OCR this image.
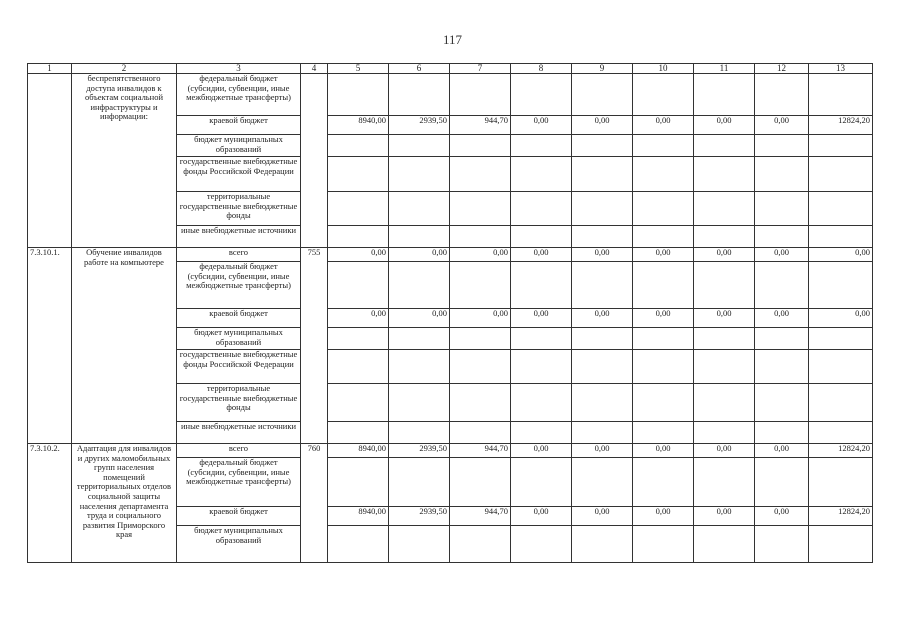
117
1	2	3	4	5	6	7	8	9	10	11	12	13
	беспрепятственного доступа инвалидов к объектам социальной инфраструктуры и информации:	федеральный бюджет (субсидии, субвенции, иные межбюджетные трансферты)										
		краевой бюджет		8940,00	2939,50	944,70	0,00	0,00	0,00	0,00	0,00	12824,20
		бюджет муниципальных образований										
		государственные внебюджетные фонды Российской Федерации										
		территориальные государственные внебюджетные фонды										
		иные внебюджетные источники										
7.3.10.1.	Обучение инвалидов работе на компьютере	всего	755	0,00	0,00	0,00	0,00	0,00	0,00	0,00	0,00	0,00
		федеральный бюджет (субсидии, субвенции, иные межбюджетные трансферты)										
		краевой бюджет		0,00	0,00	0,00	0,00	0,00	0,00	0,00	0,00	0,00
		бюджет муниципальных образований										
		государственные внебюджетные фонды Российской Федерации										
		территориальные государственные внебюджетные фонды										
		иные внебюджетные источники										
7.3.10.2.	Адаптация для инвалидов и других маломобильных групп населения помещений территориальных отделов социальной защиты населения департамента труда и социального развития Приморского края	всего	760	8940,00	2939,50	944,70	0,00	0,00	0,00	0,00	0,00	12824,20
		федеральный бюджет (субсидии, субвенции, иные межбюджетные трансферты)										
		краевой бюджет		8940,00	2939,50	944,70	0,00	0,00	0,00	0,00	0,00	12824,20
		бюджет муниципальных образований										
